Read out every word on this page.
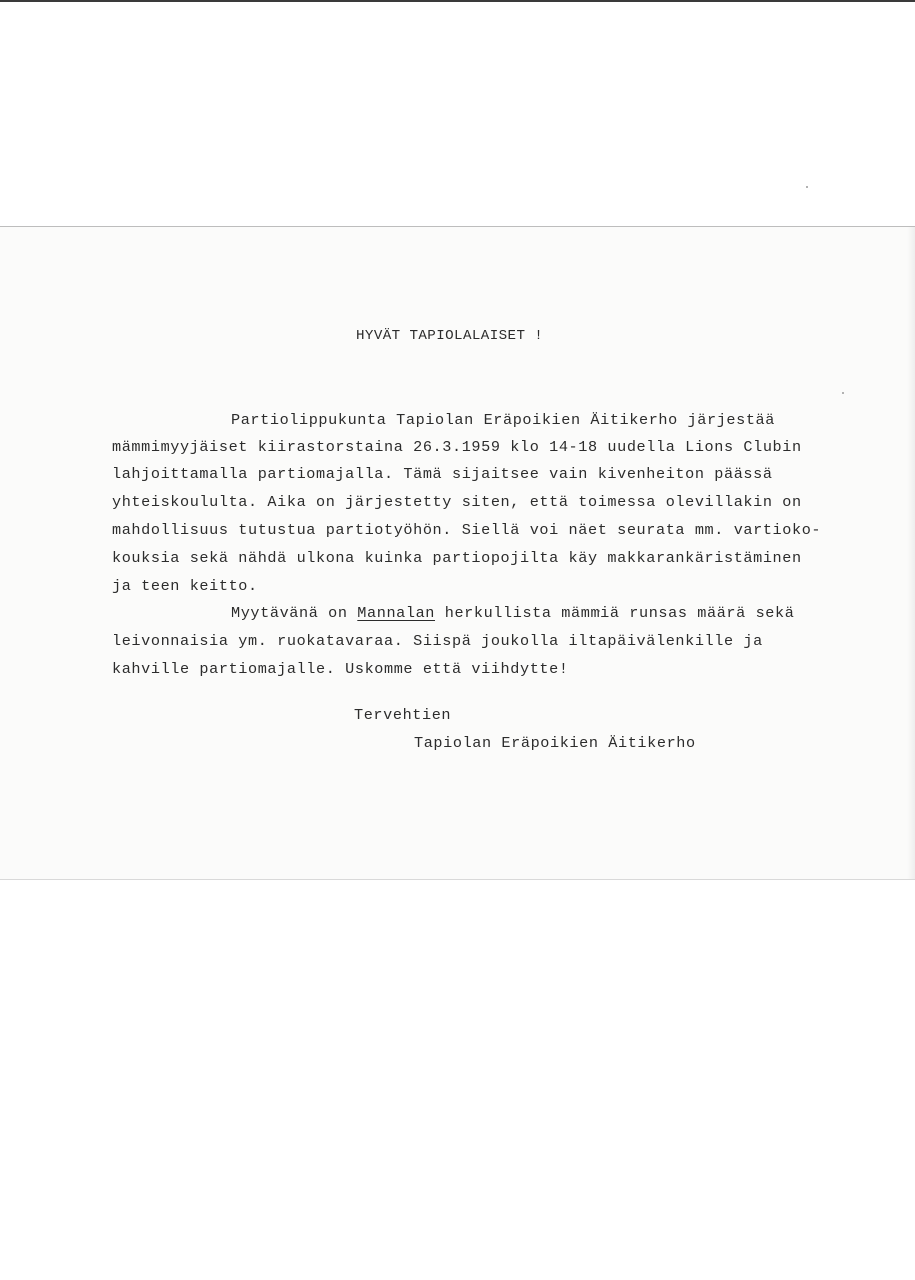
HYVÄT TAPIOLALAISET !
Partiolippukunta Tapiolan Eräpoikien Äitikerho järjestää
mämmimyyjäiset kiirastorstaina 26.3.1959 klo 14-18 uudella Lions Clubin
lahjoittamalla partiomajalla. Tämä sijaitsee vain kivenheiton päässä
yhteiskoululta. Aika on järjestetty siten, että toimessa olevillakin on
mahdollisuus tutustua partiotyöhön. Siellä voi näet seurata mm. vartioko-
kouksia sekä nähdä ulkona kuinka partiopojilta käy makkarankäristäminen
ja teen keitto.
Myytävänä on Mannalan herkullista mämmiä runsas määrä sekä
leivonnaisia ym. ruokatavaraa. Siispä joukolla iltapäivälenkille ja
kahville partiomajalle. Uskomme että viihdytte!
Tervehtien
Tapiolan Eräpoikien Äitikerho
